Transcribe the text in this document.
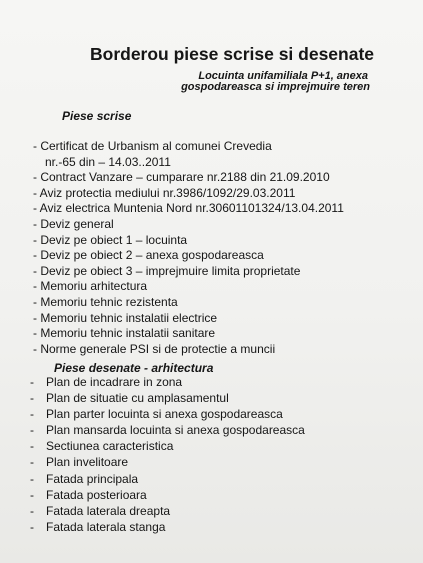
Borderou piese scrise si desenate
Locuinta unifamiliala P+1, anexa
gospodareasca si imprejmuire teren
Piese scrise
- Certificat de Urbanism al comunei Crevedia
nr.-65 din – 14.03..2011
- Contract Vanzare – cumparare nr.2188 din 21.09.2010
- Aviz protectia mediului nr.3986/1092/29.03.2011
- Aviz electrica Muntenia Nord nr.30601101324/13.04.2011
- Deviz general
- Deviz pe obiect 1 – locuinta
- Deviz pe obiect 2 – anexa gospodareasca
- Deviz pe obiect 3 – imprejmuire limita proprietate
- Memoriu arhitectura
- Memoriu tehnic rezistenta
- Memoriu tehnic instalatii electrice
- Memoriu tehnic instalatii sanitare
- Norme generale PSI si de protectie a muncii
Piese desenate - arhitectura
- Plan de incadrare in zona
- Plan de situatie cu amplasamentul
- Plan parter locuinta si anexa gospodareasca
- Plan mansarda locuinta si anexa gospodareasca
- Sectiunea caracteristica
- Plan invelitoare
- Fatada principala
- Fatada posterioara
- Fatada laterala dreapta
- Fatada laterala stanga
